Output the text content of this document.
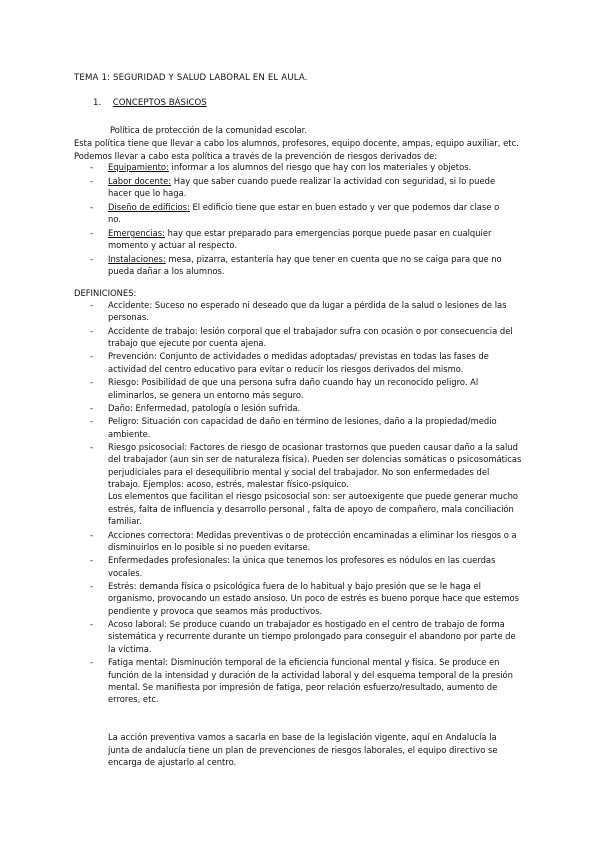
TEMA 1: SEGURIDAD Y SALUD LABORAL EN EL AULA.
1. CONCEPTOS BÁSICOS
Política de protección de la comunidad escolar.
Esta política tiene que llevar a cabo los alumnos, profesores, equipo docente, ampas, equipo auxiliar, etc.
Podemos llevar a cabo esta política a través de la prevención de riesgos derivados de:
- Equipamiento: informar a los alumnos del riesgo que hay con los materiales y objetos.
- Labor docente: Hay que saber cuando puede realizar la actividad con seguridad, si lo puede hacer que lo haga.
- Diseño de edificios: El edificio tiene que estar en buen estado y ver que podemos dar clase o no.
- Emergencias: hay que estar preparado para emergencias porque puede pasar en cualquier momento y actuar al respecto.
- Instalaciones: mesa, pizarra, estantería hay que tener en cuenta que no se caiga para que no pueda dañar a los alumnos.
DEFINICIONES:
- Accidente: Suceso no esperado ni deseado que da lugar a pérdida de la salud o lesiones de las personas.
- Accidente de trabajo: lesión corporal que el trabajador sufra con ocasión o por consecuencia del trabajo que ejecute por cuenta ajena.
- Prevención: Conjunto de actividades o medidas adoptadas/ previstas en todas las fases de actividad del centro educativo para evitar o reducir los riesgos derivados del mismo.
- Riesgo: Posibilidad de que una persona sufra daño cuando hay un reconocido peligro. Al eliminarlos, se genera un entorno más seguro.
- Daño: Enfermedad, patología o lesión sufrida.
- Peligro: Situación con capacidad de daño en término de lesiones, daño a la propiedad/medio ambiente.
- Riesgo psicosocial: Factores de riesgo de ocasionar trastornos que pueden causar daño a la salud del trabajador (aun sin ser de naturaleza física). Pueden ser dolencias somáticas o psicosomáticas perjudiciales para el desequilibrio mental y social del trabajador. No son enfermedades del trabajo. Ejemplos: acoso, estrés, malestar físico-psíquico.
Los elementos que facilitan el riesgo psicosocial son: ser autoexigente que puede generar mucho estrés, falta de influencia y desarrollo personal , falta de apoyo de compañero, mala conciliación familiar.
- Acciones correctora: Medidas preventivas o de protección encaminadas a eliminar los riesgos o a disminuirlos en lo posible si no pueden evitarse.
- Enfermedades profesionales: la única que tenemos los profesores es nódulos en las cuerdas vocales.
- Estrés: demanda física o psicológica fuera de lo habitual y bajo presión que se le haga el organismo, provocando un estado ansioso. Un poco de estrés es bueno porque hace que estemos pendiente y provoca que seamos más productivos.
- Acoso laboral: Se produce cuando un trabajador es hostigado en el centro de trabajo de forma sistemática y recurrente durante un tiempo prolongado para conseguir el abandono por parte de la víctima.
- Fatiga mental: Disminución temporal de la eficiencia funcional mental y física. Se produce en función de la intensidad y duración de la actividad laboral y del esquema temporal de la presión mental. Se manifiesta por impresión de fatiga, peor relación esfuerzo/resultado, aumento de errores, etc.
La acción preventiva vamos a sacarla en base de la legislación vigente, aquí en Andalucía la junta de andalucía tiene un plan de prevenciones de riesgos laborales, el equipo directivo se encarga de ajustarlo al centro.
